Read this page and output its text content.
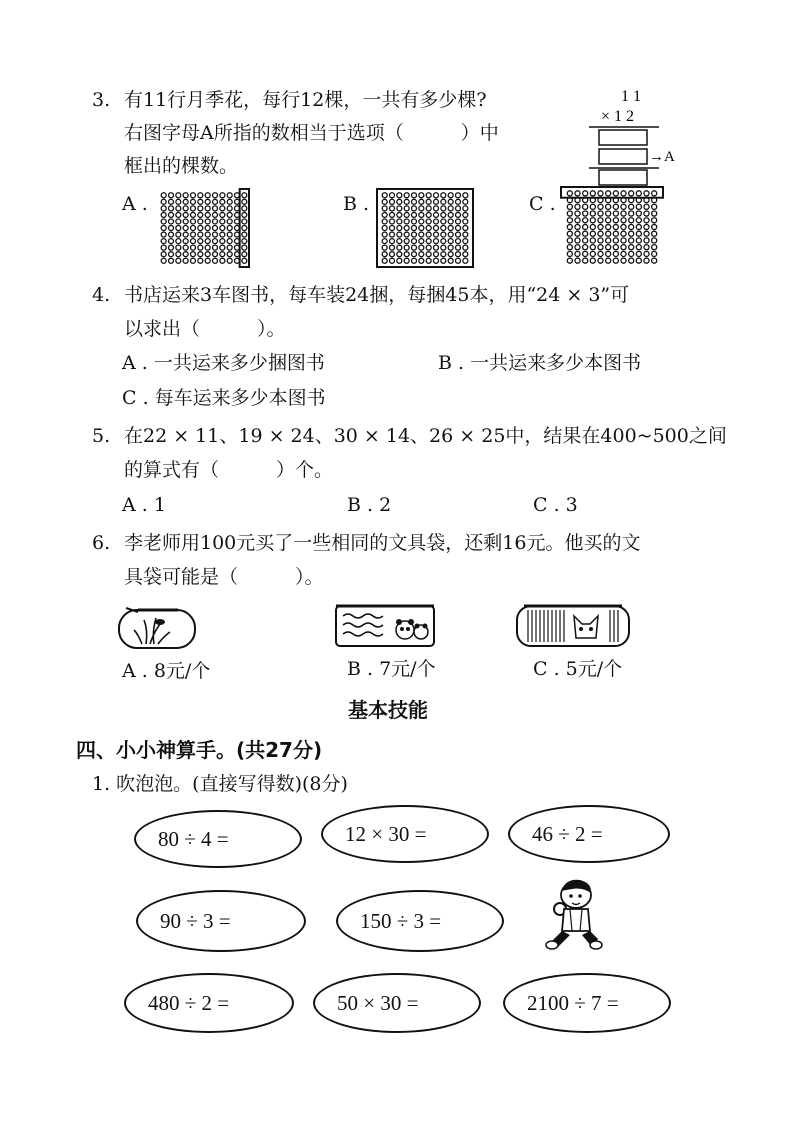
3. 有11行月季花，每行12棵，一共有多少棵?
右图字母A所指的数相当于选项（　　　）中
框出的棵数。
1 1
× 1 2
→A
A .	B .	C .
4. 书店运来3车图书，每车装24捆，每捆45本，用“24 × 3”可
以求出（　　　）。
A . 一共运来多少捆图书	B . 一共运来多少本图书
C . 每车运来多少本图书
5. 在22 × 11、19 × 24、30 × 14、26 × 25中，结果在400~500之间
的算式有（　　　）个。
A . 1	B . 2	C . 3
6. 李老师用100元买了一些相同的文具袋，还剩16元。他买的文
具袋可能是（　　　）。
A . 8元/个	B . 7元/个	C . 5元/个
基本技能
四、小小神算手。(共27分)
1. 吹泡泡。(直接写得数)(8分)
80 ÷ 4 =	12 × 30 =	46 ÷ 2 =
90 ÷ 3 =	150 ÷ 3 =
480 ÷ 2 =	50 × 30 =	2100 ÷ 7 =
